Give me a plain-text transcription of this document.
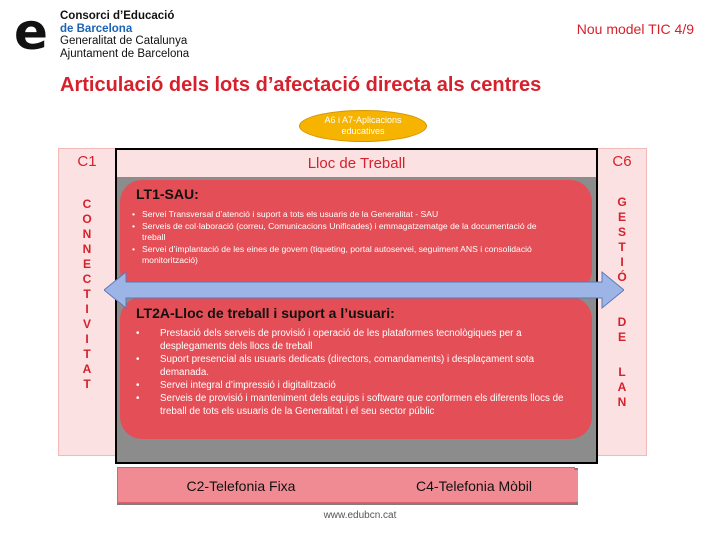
e	Consorci d’Educació
de Barcelona
Generalitat de Catalunya
Ajuntament de Barcelona
Nou model TIC 4/9
Articulació dels lots d’afectació directa als centres
A6 i A7-Aplicacions educatives
C1
C
O
N
N
E
C
T
I
V
I
T
A
T
C6
G
E
S
T
I
Ó
D
E
L
A
N
Lloc de Treball
LT1-SAU:
• Servei Transversal d’atenció i suport a tots els usuaris de la Generalitat - SAU
• Serveis de col·laboració (correu, Comunicacions Unificades) i emmagatzematge de la documentació de treball
• Servei d’implantació de les eines de govern (tiqueting, portal autoservei, seguiment ANS i consolidació monitorització)
LT2A-Lloc de treball i suport a l’usuari:
• Prestació dels serveis de provisió i operació de les plataformes tecnològiques per a desplegaments dels llocs de treball
• Suport presencial als usuaris dedicats (directors, comandaments) i desplaçament sota demanada.
• Servei integral d’impressió i digitalització
• Serveis de provisió i manteniment dels equips i software que conformen els diferents llocs de treball de tots els usuaris de la Generalitat i el seu sector públic
C2-Telefonia Fixa	C4-Telefonia Mòbil
www.edubcn.cat
